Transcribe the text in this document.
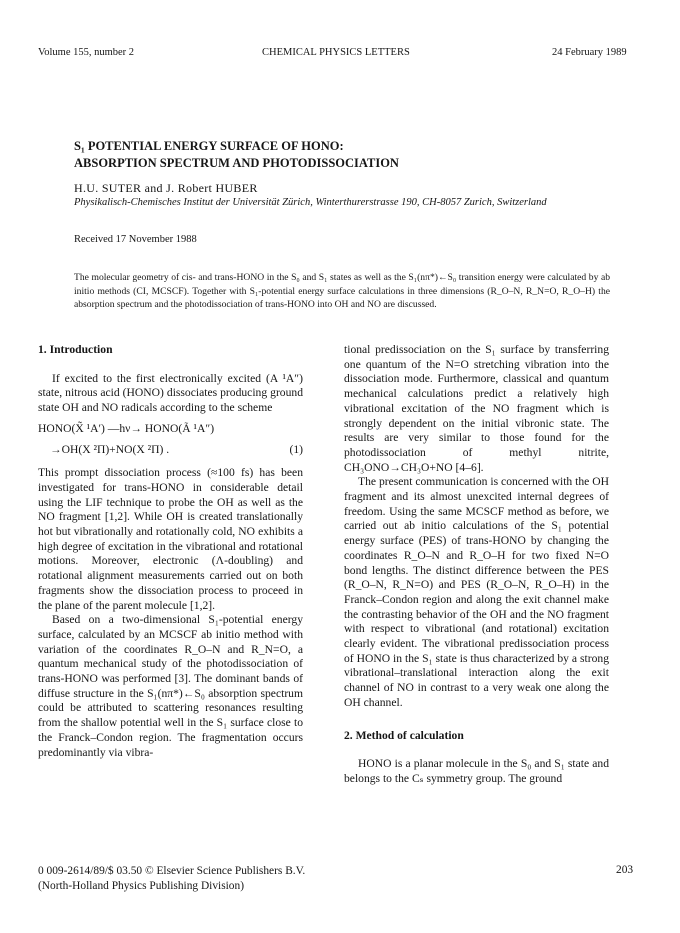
Volume 155, number 2	CHEMICAL PHYSICS LETTERS	24 February 1989
S₁ POTENTIAL ENERGY SURFACE OF HONO:
ABSORPTION SPECTRUM AND PHOTODISSOCIATION
H.U. SUTER and J. Robert HUBER
Physikalisch-Chemisches Institut der Universität Zürich, Winterthurerstrasse 190, CH-8057 Zurich, Switzerland
Received 17 November 1988
The molecular geometry of cis- and trans-HONO in the S₀ and S₁ states as well as the S₁(nπ*)←S₀ transition energy were calculated by ab initio methods (CI, MCSCF). Together with S₁-potential energy surface calculations in three dimensions (R_O–N, R_N=O, R_O–H) the absorption spectrum and the photodissociation of trans-HONO into OH and NO are discussed.

1. Introduction

If excited to the first electronically excited (A ¹A″) state, nitrous acid (HONO) dissociates producing ground state OH and NO radicals according to the scheme

HONO(X̃ ¹A′) —hν→ HONO(Ã ¹A″)
→OH(X ²Π)+NO(X ²Π) .	(1)

This prompt dissociation process (≈100 fs) has been investigated for trans-HONO in considerable detail using the LIF technique to probe the OH as well as the NO fragment [1,2]. While OH is created translationally hot but vibrationally and rotationally cold, NO exhibits a high degree of excitation in the vibrational and rotational motions. Moreover, electronic (Λ-doubling) and rotational alignment measurements carried out on both fragments show the dissociation process to proceed in the plane of the parent molecule [1,2].

Based on a two-dimensional S₁-potential energy surface, calculated by an MCSCF ab initio method with variation of the coordinates R_O–N and R_N=O, a quantum mechanical study of the photodissociation of trans-HONO was performed [3]. The dominant bands of diffuse structure in the S₁(nπ*)←S₀ absorption spectrum could be attributed to scattering resonances resulting from the shallow potential well in the S₁ surface close to the Franck–Condon region. The fragmentation occurs predominantly via vibra-

tional predissociation on the S₁ surface by transferring one quantum of the N=O stretching vibration into the dissociation mode. Furthermore, classical and quantum mechanical calculations predict a relatively high vibrational excitation of the NO fragment which is strongly dependent on the initial vibronic state. The results are very similar to those found for the photodissociation of methyl nitrite, CH₃ONO→CH₃O+NO [4–6].

The present communication is concerned with the OH fragment and its almost unexcited internal degrees of freedom. Using the same MCSCF method as before, we carried out ab initio calculations of the S₁ potential energy surface (PES) of trans-HONO by changing the coordinates R_O–N and R_O–H for two fixed N=O bond lengths. The distinct difference between the PES (R_O–N, R_N=O) and PES (R_O–N, R_O–H) in the Franck–Condon region and along the exit channel make the contrasting behavior of the OH and the NO fragment with respect to vibrational (and rotational) excitation clearly evident. The vibrational predissociation process of HONO in the S₁ state is thus characterized by a strong vibrational–translational interaction along the exit channel of NO in contrast to a very weak one along the OH channel.

2. Method of calculation

HONO is a planar molecule in the S₀ and S₁ state and belongs to the Cₛ symmetry group. The ground

0 009-2614/89/$ 03.50 © Elsevier Science Publishers B.V.
(North-Holland Physics Publishing Division)
203
